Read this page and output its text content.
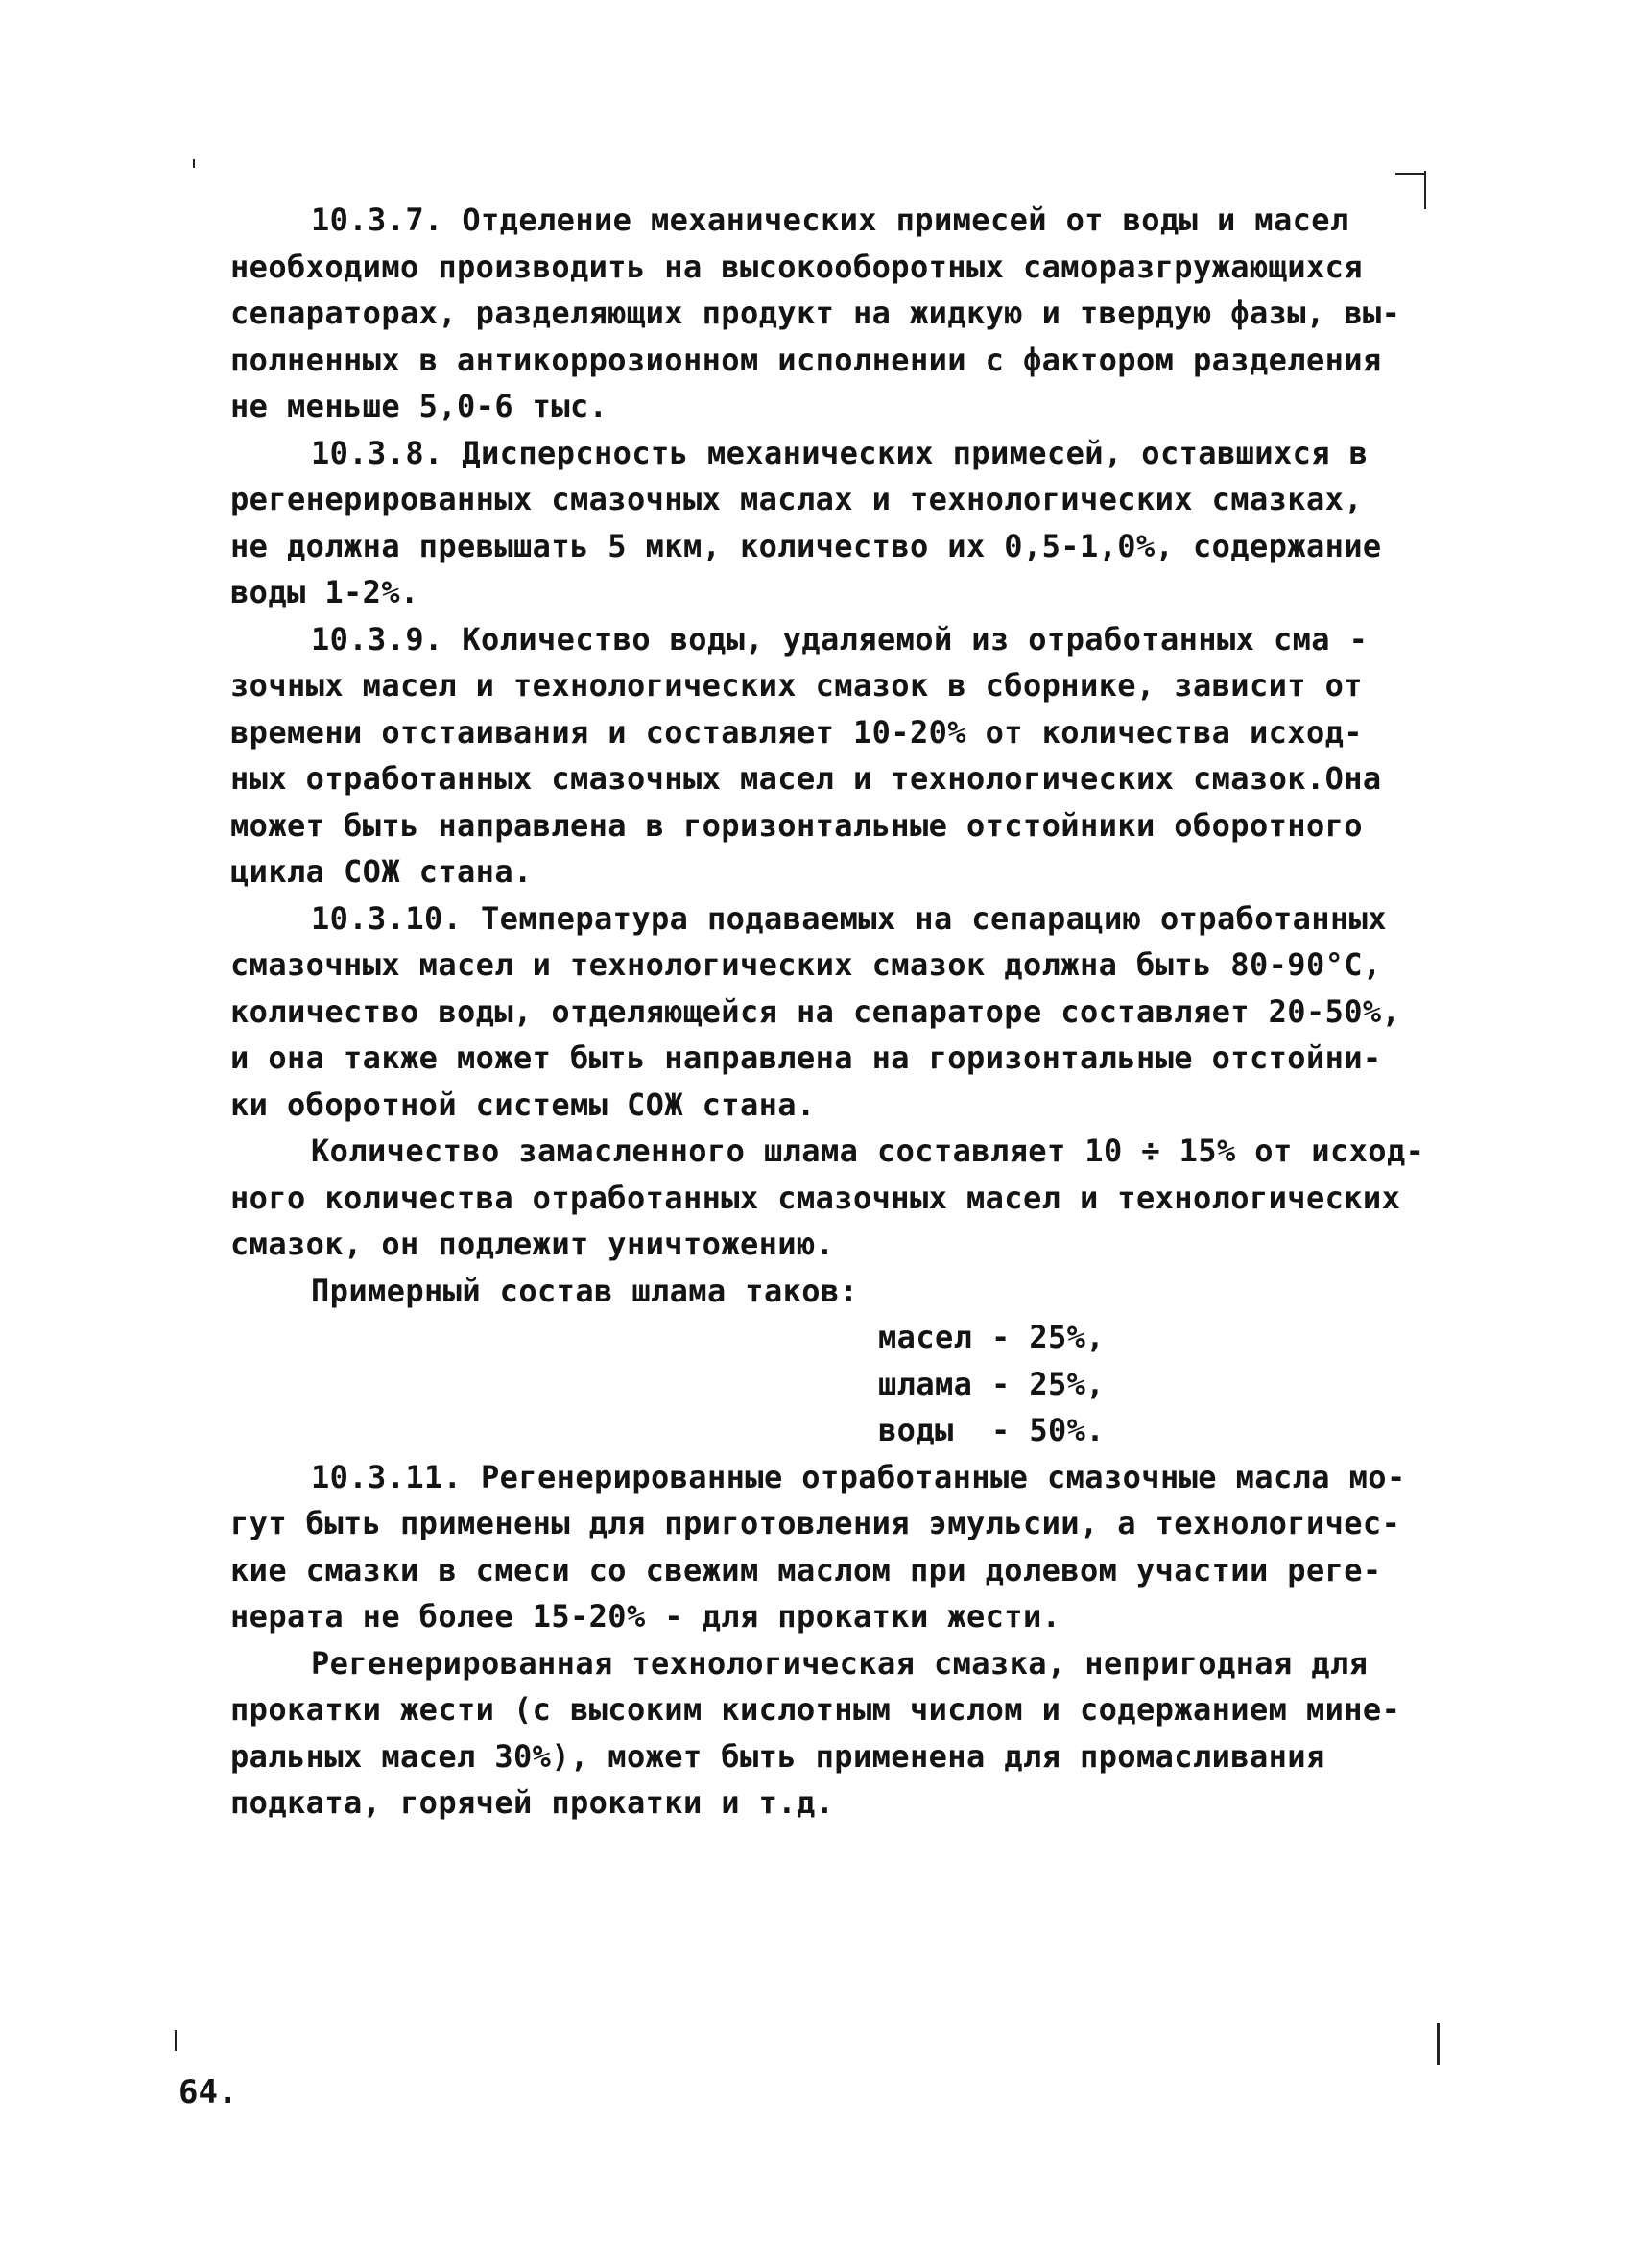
10.3.7. Отделение механических примесей от воды и масел
необходимо производить на высокооборотных саморазгружающихся
сепараторах, разделяющих продукт на жидкую и твердую фазы, вы-
полненных в антикоррозионном исполнении с фактором разделения
не меньше 5,0-6 тыс.
10.3.8. Дисперсность механических примесей, оставшихся в
регенерированных смазочных маслах и технологических смазках,
не должна превышать 5 мкм, количество их 0,5-1,0%, содержание
воды 1-2%.
10.3.9. Количество воды, удаляемой из отработанных сма -
зочных масел и технологических смазок в сборнике, зависит от
времени отстаивания и составляет 10-20% от количества исход-
ных отработанных смазочных масел и технологических смазок.Она
может быть направлена в горизонтальные отстойники оборотного
цикла СОЖ стана.
10.3.10. Температура подаваемых на сепарацию отработанных
смазочных масел и технологических смазок должна быть 80-90°С,
количество воды, отделяющейся на сепараторе составляет 20-50%,
и она также может быть направлена на горизонтальные отстойни-
ки оборотной системы СОЖ стана.
Количество замасленного шлама составляет 10 ÷ 15% от исход-
ного количества отработанных смазочных масел и технологических
смазок, он подлежит уничтожению.
Примерный состав шлама таков:
масел - 25%,
шлама - 25%,
воды  - 50%.
10.3.11. Регенерированные отработанные смазочные масла мо-
гут быть применены для приготовления эмульсии, а технологичес-
кие смазки в смеси со свежим маслом при долевом участии реге-
нерата не более 15-20% - для прокатки жести.
Регенерированная технологическая смазка, непригодная для
прокатки жести (с высоким кислотным числом и содержанием мине-
ральных масел 30%), может быть применена для промасливания
подката, горячей прокатки и т.д.
64.
